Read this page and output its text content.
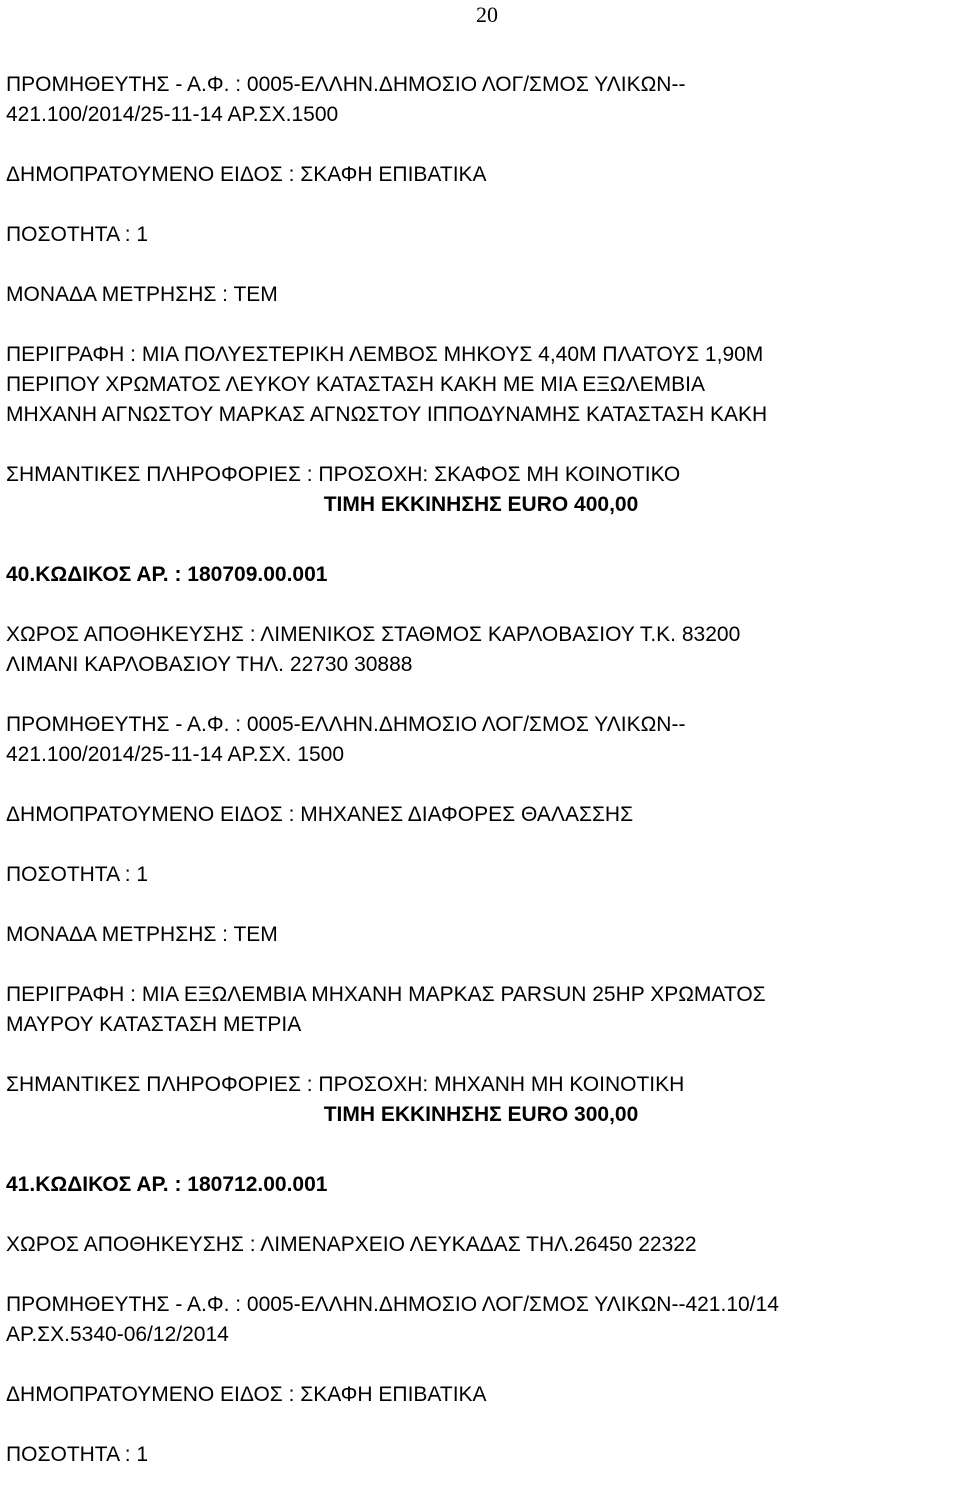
20
ΠΡΟΜΗΘΕΥΤΗΣ - Α.Φ. : 0005-ΕΛΛΗΝ.ΔΗΜΟΣΙΟ ΛΟΓ/ΣΜΟΣ ΥΛΙΚΩΝ--
421.100/2014/25-11-14 ΑΡ.ΣΧ.1500
ΔΗΜΟΠΡΑΤΟΥΜΕΝΟ ΕΙΔΟΣ : ΣΚΑΦΗ ΕΠΙΒΑΤΙΚΑ
ΠΟΣΟΤΗΤΑ : 1
ΜΟΝΑΔΑ ΜΕΤΡΗΣΗΣ : ΤΕΜ
ΠΕΡΙΓΡΑΦΗ : ΜΙΑ ΠΟΛΥΕΣΤΕΡΙΚΗ ΛΕΜΒΟΣ ΜΗΚΟΥΣ 4,40Μ ΠΛΑΤΟΥΣ 1,90Μ
ΠΕΡΙΠΟΥ ΧΡΩΜΑΤΟΣ ΛΕΥΚΟΥ ΚΑΤΑΣΤΑΣΗ ΚΑΚΗ ΜΕ ΜΙΑ ΕΞΩΛΕΜΒΙΑ
ΜΗΧΑΝΗ ΑΓΝΩΣΤΟΥ ΜΑΡΚΑΣ ΑΓΝΩΣΤΟΥ ΙΠΠΟΔΥΝΑΜΗΣ ΚΑΤΑΣΤΑΣΗ ΚΑΚΗ
ΣΗΜΑΝΤΙΚΕΣ ΠΛΗΡΟΦΟΡΙΕΣ : ΠΡΟΣΟΧΗ: ΣΚΑΦΟΣ ΜΗ ΚΟΙΝΟΤΙΚΟ
ΤΙΜΗ ΕΚΚΙΝΗΣΗΣ EURO 400,00
40.ΚΩΔΙΚΟΣ ΑΡ. : 180709.00.001
ΧΩΡΟΣ ΑΠΟΘΗΚΕΥΣΗΣ : ΛΙΜΕΝΙΚΟΣ ΣΤΑΘΜΟΣ ΚΑΡΛΟΒΑΣΙΟΥ Τ.Κ. 83200
ΛΙΜΑΝΙ ΚΑΡΛΟΒΑΣΙΟΥ ΤΗΛ. 22730 30888
ΠΡΟΜΗΘΕΥΤΗΣ - Α.Φ. : 0005-ΕΛΛΗΝ.ΔΗΜΟΣΙΟ ΛΟΓ/ΣΜΟΣ ΥΛΙΚΩΝ--
421.100/2014/25-11-14 ΑΡ.ΣΧ. 1500
ΔΗΜΟΠΡΑΤΟΥΜΕΝΟ ΕΙΔΟΣ : ΜΗΧΑΝΕΣ ΔΙΑΦΟΡΕΣ ΘΑΛΑΣΣΗΣ
ΠΟΣΟΤΗΤΑ : 1
ΜΟΝΑΔΑ ΜΕΤΡΗΣΗΣ : ΤΕΜ
ΠΕΡΙΓΡΑΦΗ : ΜΙΑ ΕΞΩΛΕΜΒΙΑ ΜΗΧΑΝΗ ΜΑΡΚΑΣ PARSUN 25HP ΧΡΩΜΑΤΟΣ
ΜΑΥΡΟΥ ΚΑΤΑΣΤΑΣΗ ΜΕΤΡΙΑ
ΣΗΜΑΝΤΙΚΕΣ ΠΛΗΡΟΦΟΡΙΕΣ : ΠΡΟΣΟΧΗ: ΜΗΧΑΝΗ ΜΗ ΚΟΙΝΟΤΙΚΗ
ΤΙΜΗ ΕΚΚΙΝΗΣΗΣ EURO 300,00
41.ΚΩΔΙΚΟΣ ΑΡ. : 180712.00.001
ΧΩΡΟΣ ΑΠΟΘΗΚΕΥΣΗΣ : ΛΙΜΕΝΑΡΧΕΙΟ ΛΕΥΚΑΔΑΣ ΤΗΛ.26450 22322
ΠΡΟΜΗΘΕΥΤΗΣ - Α.Φ. : 0005-ΕΛΛΗΝ.ΔΗΜΟΣΙΟ ΛΟΓ/ΣΜΟΣ ΥΛΙΚΩΝ--421.10/14
ΑΡ.ΣΧ.5340-06/12/2014
ΔΗΜΟΠΡΑΤΟΥΜΕΝΟ ΕΙΔΟΣ : ΣΚΑΦΗ ΕΠΙΒΑΤΙΚΑ
ΠΟΣΟΤΗΤΑ : 1
